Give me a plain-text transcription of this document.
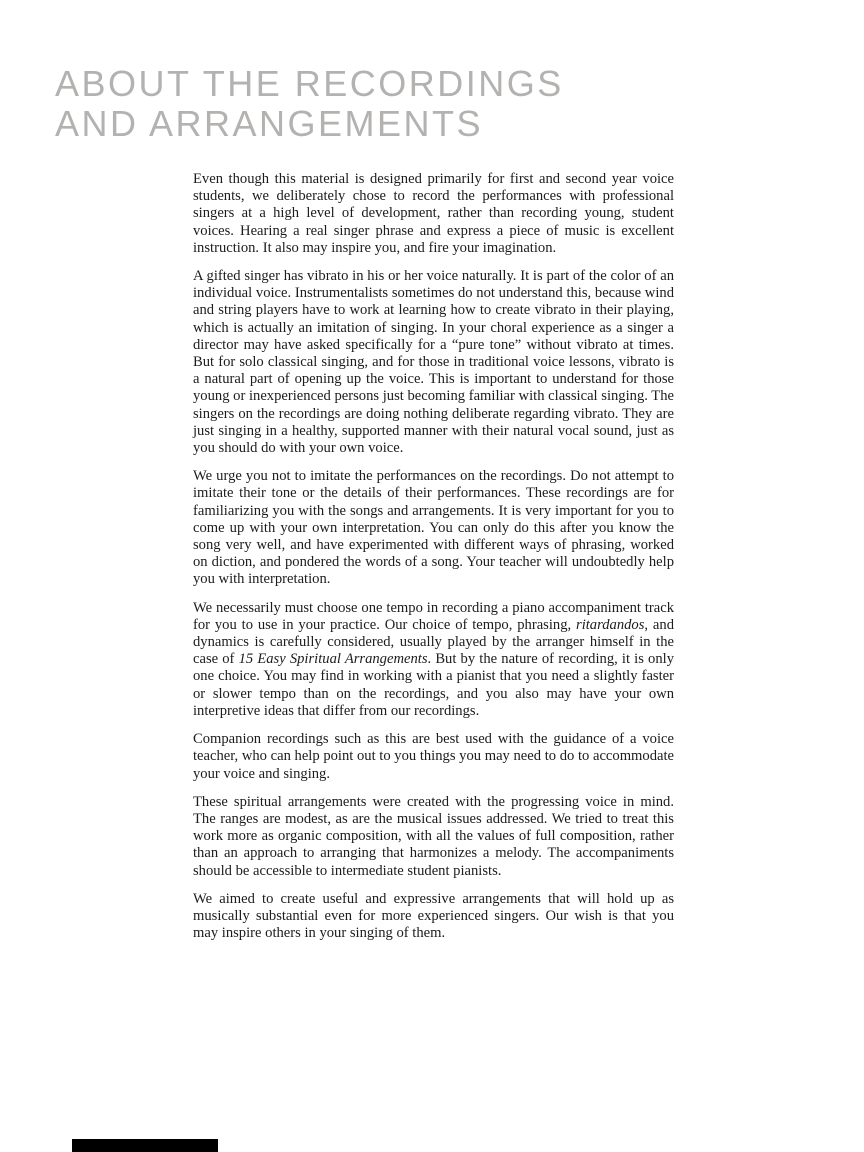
ABOUT THE RECORDINGS
AND ARRANGEMENTS

Even though this material is designed primarily for first and second year voice students, we deliberately chose to record the performances with professional singers at a high level of development, rather than recording young, student voices. Hearing a real singer phrase and express a piece of music is excellent instruction. It also may inspire you, and fire your imagination.

A gifted singer has vibrato in his or her voice naturally. It is part of the color of an individual voice. Instrumentalists sometimes do not understand this, because wind and string players have to work at learning how to create vibrato in their playing, which is actually an imitation of singing. In your choral experience as a singer a director may have asked specifically for a “pure tone” without vibrato at times. But for solo classical singing, and for those in traditional voice lessons, vibrato is a natural part of opening up the voice. This is important to understand for those young or inexperienced persons just becoming familiar with classical singing. The singers on the recordings are doing nothing deliberate regarding vibrato. They are just singing in a healthy, supported manner with their natural vocal sound, just as you should do with your own voice.

We urge you not to imitate the performances on the recordings. Do not attempt to imitate their tone or the details of their performances. These recordings are for familiarizing you with the songs and arrangements. It is very important for you to come up with your own interpretation. You can only do this after you know the song very well, and have experimented with different ways of phrasing, worked on diction, and pondered the words of a song. Your teacher will undoubtedly help you with interpretation.

We necessarily must choose one tempo in recording a piano accompaniment track for you to use in your practice. Our choice of tempo, phrasing, ritardandos, and dynamics is carefully considered, usually played by the arranger himself in the case of 15 Easy Spiritual Arrangements. But by the nature of recording, it is only one choice. You may find in working with a pianist that you need a slightly faster or slower tempo than on the recordings, and you also may have your own interpretive ideas that differ from our recordings.

Companion recordings such as this are best used with the guidance of a voice teacher, who can help point out to you things you may need to do to accommodate your voice and singing.

These spiritual arrangements were created with the progressing voice in mind. The ranges are modest, as are the musical issues addressed. We tried to treat this work more as organic composition, with all the values of full composition, rather than an approach to arranging that harmonizes a melody. The accompaniments should be accessible to intermediate student pianists.

We aimed to create useful and expressive arrangements that will hold up as musically substantial even for more experienced singers. Our wish is that you may inspire others in your singing of them.
